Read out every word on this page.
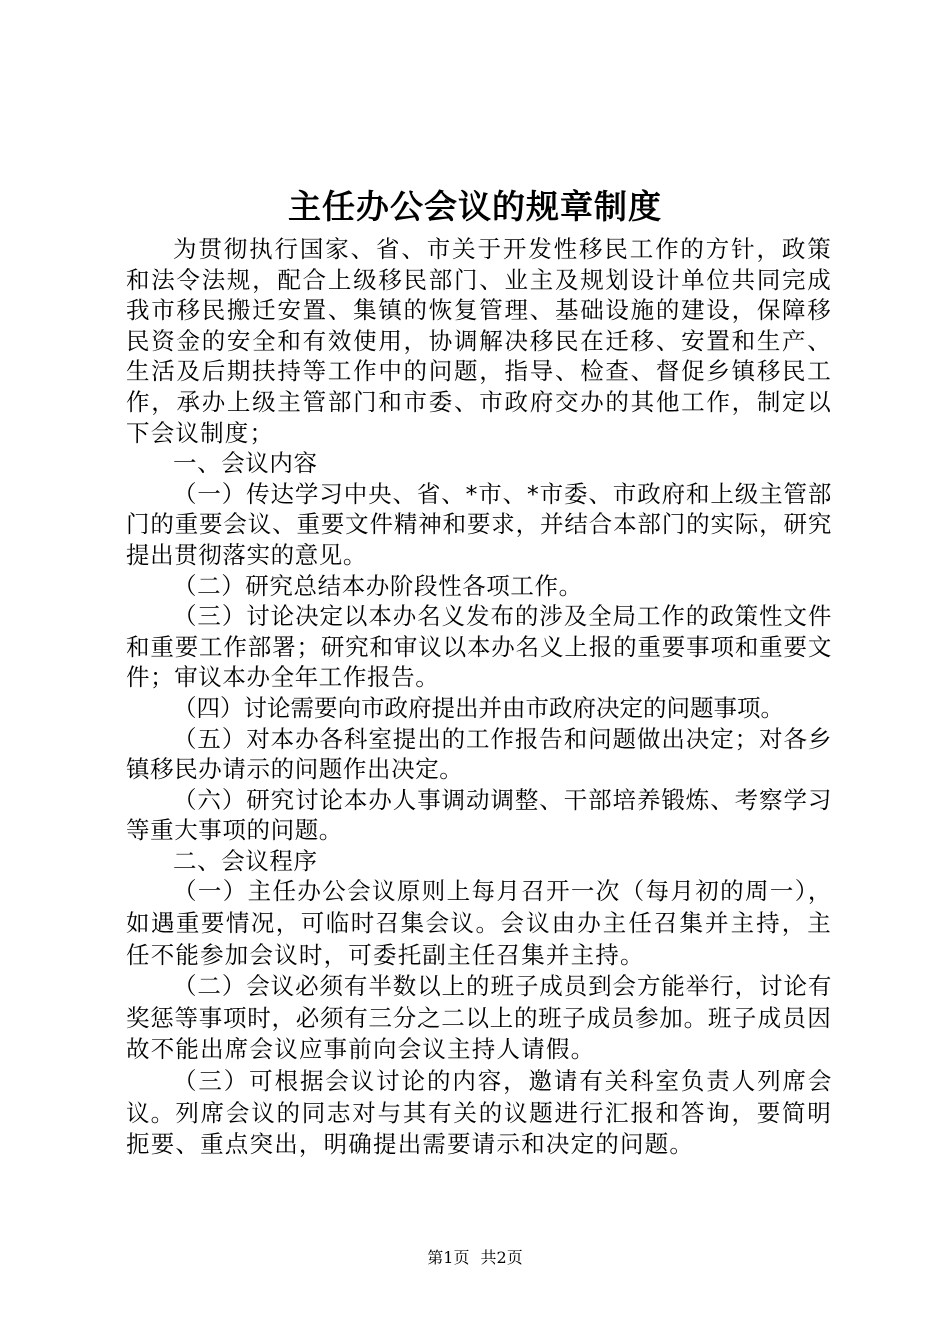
主任办公会议的规章制度

为贯彻执行国家、省、市关于开发性移民工作的方针，政策和法令法规，配合上级移民部门、业主及规划设计单位共同完成我市移民搬迁安置、集镇的恢复管理、基础设施的建设，保障移民资金的安全和有效使用，协调解决移民在迁移、安置和生产、生活及后期扶持等工作中的问题，指导、检查、督促乡镇移民工作，承办上级主管部门和市委、市政府交办的其他工作，制定以下会议制度；

一、会议内容

（一）传达学习中央、省、*市、*市委、市政府和上级主管部门的重要会议、重要文件精神和要求，并结合本部门的实际，研究提出贯彻落实的意见。

（二）研究总结本办阶段性各项工作。

（三）讨论决定以本办名义发布的涉及全局工作的政策性文件和重要工作部署；研究和审议以本办名义上报的重要事项和重要文件；审议本办全年工作报告。

（四）讨论需要向市政府提出并由市政府决定的问题事项。

（五）对本办各科室提出的工作报告和问题做出决定；对各乡镇移民办请示的问题作出决定。

（六）研究讨论本办人事调动调整、干部培养锻炼、考察学习等重大事项的问题。

二、会议程序

（一）主任办公会议原则上每月召开一次（每月初的周一），如遇重要情况，可临时召集会议。会议由办主任召集并主持，主任不能参加会议时，可委托副主任召集并主持。

（二）会议必须有半数以上的班子成员到会方能举行，讨论有奖惩等事项时，必须有三分之二以上的班子成员参加。班子成员因故不能出席会议应事前向会议主持人请假。

（三）可根据会议讨论的内容，邀请有关科室负责人列席会议。列席会议的同志对与其有关的议题进行汇报和答询，要简明扼要、重点突出，明确提出需要请示和决定的问题。

第1页 共2页
